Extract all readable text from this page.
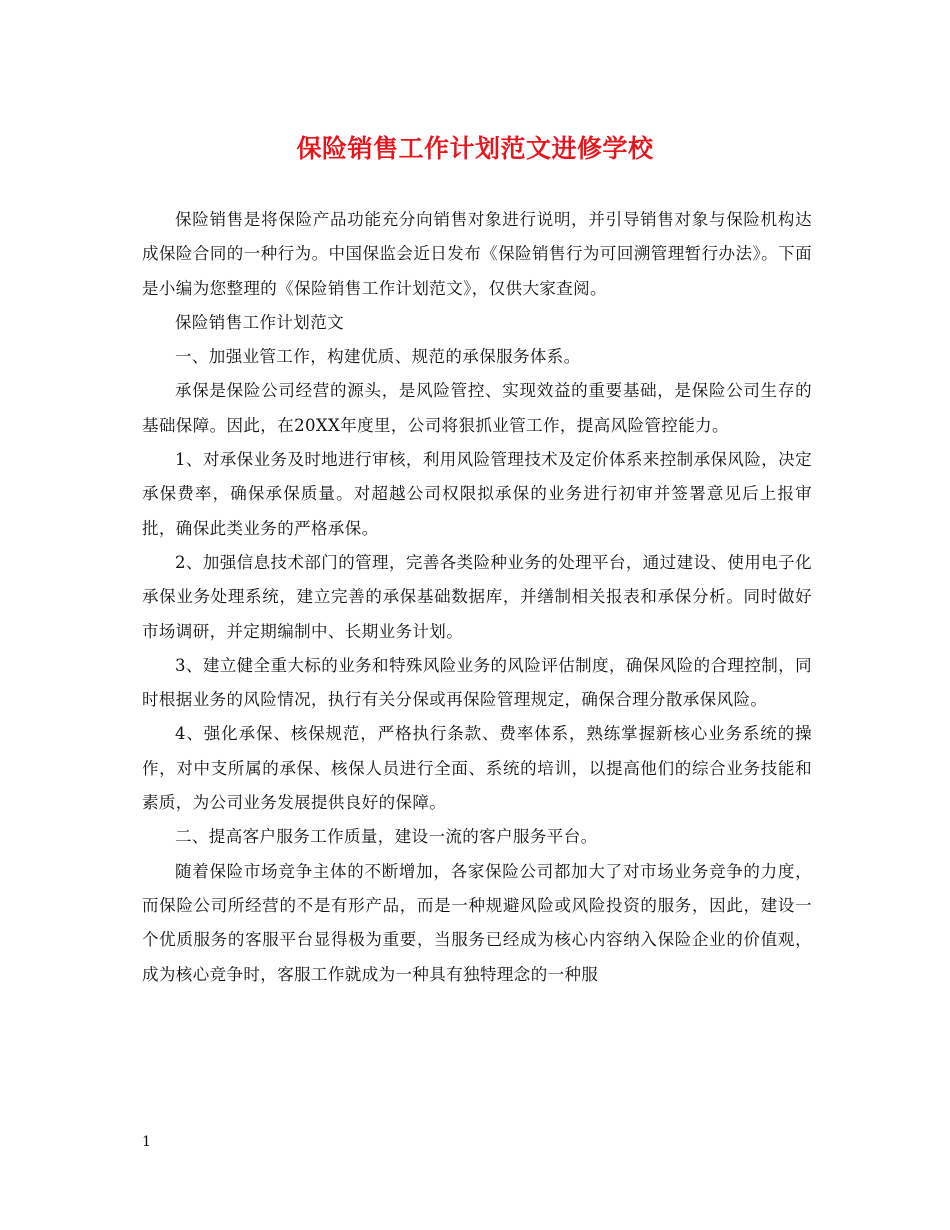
保险销售工作计划范文进修学校

保险销售是将保险产品功能充分向销售对象进行说明，并引导销售对象与保险机构达成保险合同的一种行为。中国保监会近日发布《保险销售行为可回溯管理暂行办法》。下面是小编为您整理的《保险销售工作计划范文》，仅供大家查阅。

保险销售工作计划范文

一、加强业管工作，构建优质、规范的承保服务体系。

承保是保险公司经营的源头，是风险管控、实现效益的重要基础，是保险公司生存的基础保障。因此，在20XX年度里，公司将狠抓业管工作，提高风险管控能力。

1、对承保业务及时地进行审核，利用风险管理技术及定价体系来控制承保风险，决定承保费率，确保承保质量。对超越公司权限拟承保的业务进行初审并签署意见后上报审批，确保此类业务的严格承保。

2、加强信息技术部门的管理，完善各类险种业务的处理平台，通过建设、使用电子化承保业务处理系统，建立完善的承保基础数据库，并缮制相关报表和承保分析。同时做好市场调研，并定期编制中、长期业务计划。

3、建立健全重大标的业务和特殊风险业务的风险评估制度，确保风险的合理控制，同时根据业务的风险情况，执行有关分保或再保险管理规定，确保合理分散承保风险。

4、强化承保、核保规范，严格执行条款、费率体系，熟练掌握新核心业务系统的操作，对中支所属的承保、核保人员进行全面、系统的培训，以提高他们的综合业务技能和素质，为公司业务发展提供良好的保障。

二、提高客户服务工作质量，建设一流的客户服务平台。

随着保险市场竞争主体的不断增加，各家保险公司都加大了对市场业务竞争的力度，而保险公司所经营的不是有形产品，而是一种规避风险或风险投资的服务，因此，建设一个优质服务的客服平台显得极为重要，当服务已经成为核心内容纳入保险企业的价值观，成为核心竞争时，客服工作就成为一种具有独特理念的一种服

1
